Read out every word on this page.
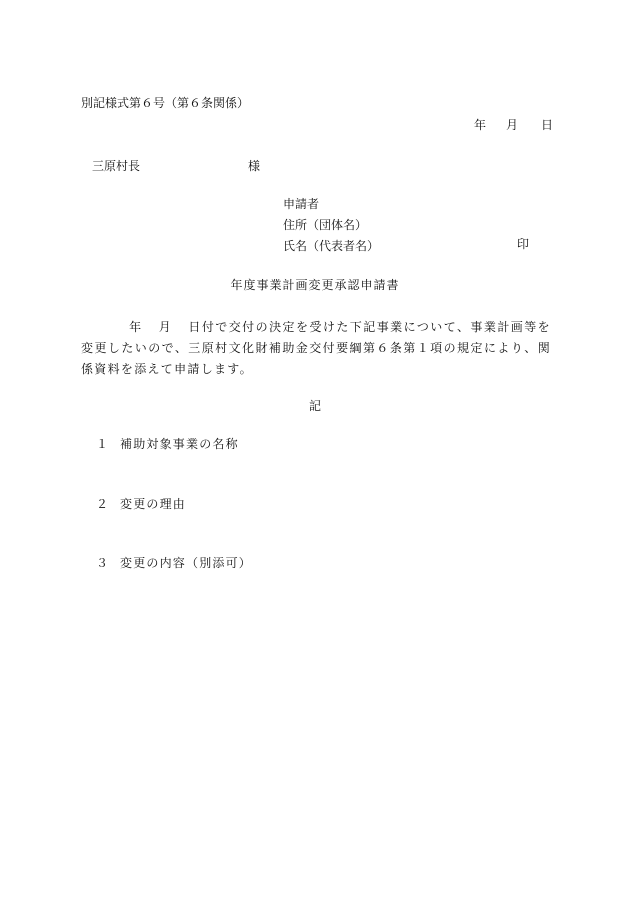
別記様式第６号（第６条関係）
年 月 日
三原村長	様
申請者
住所（団体名）
氏名（代表者名）	印
年度事業計画変更承認申請書
年 月 日付で交付の決定を受けた下記事業について、事業計画等を変更したいので、三原村文化財補助金交付要綱第６条第１項の規定により、関係資料を添えて申請します。
記
１ 補助対象事業の名称
２ 変更の理由
３ 変更の内容（別添可）
